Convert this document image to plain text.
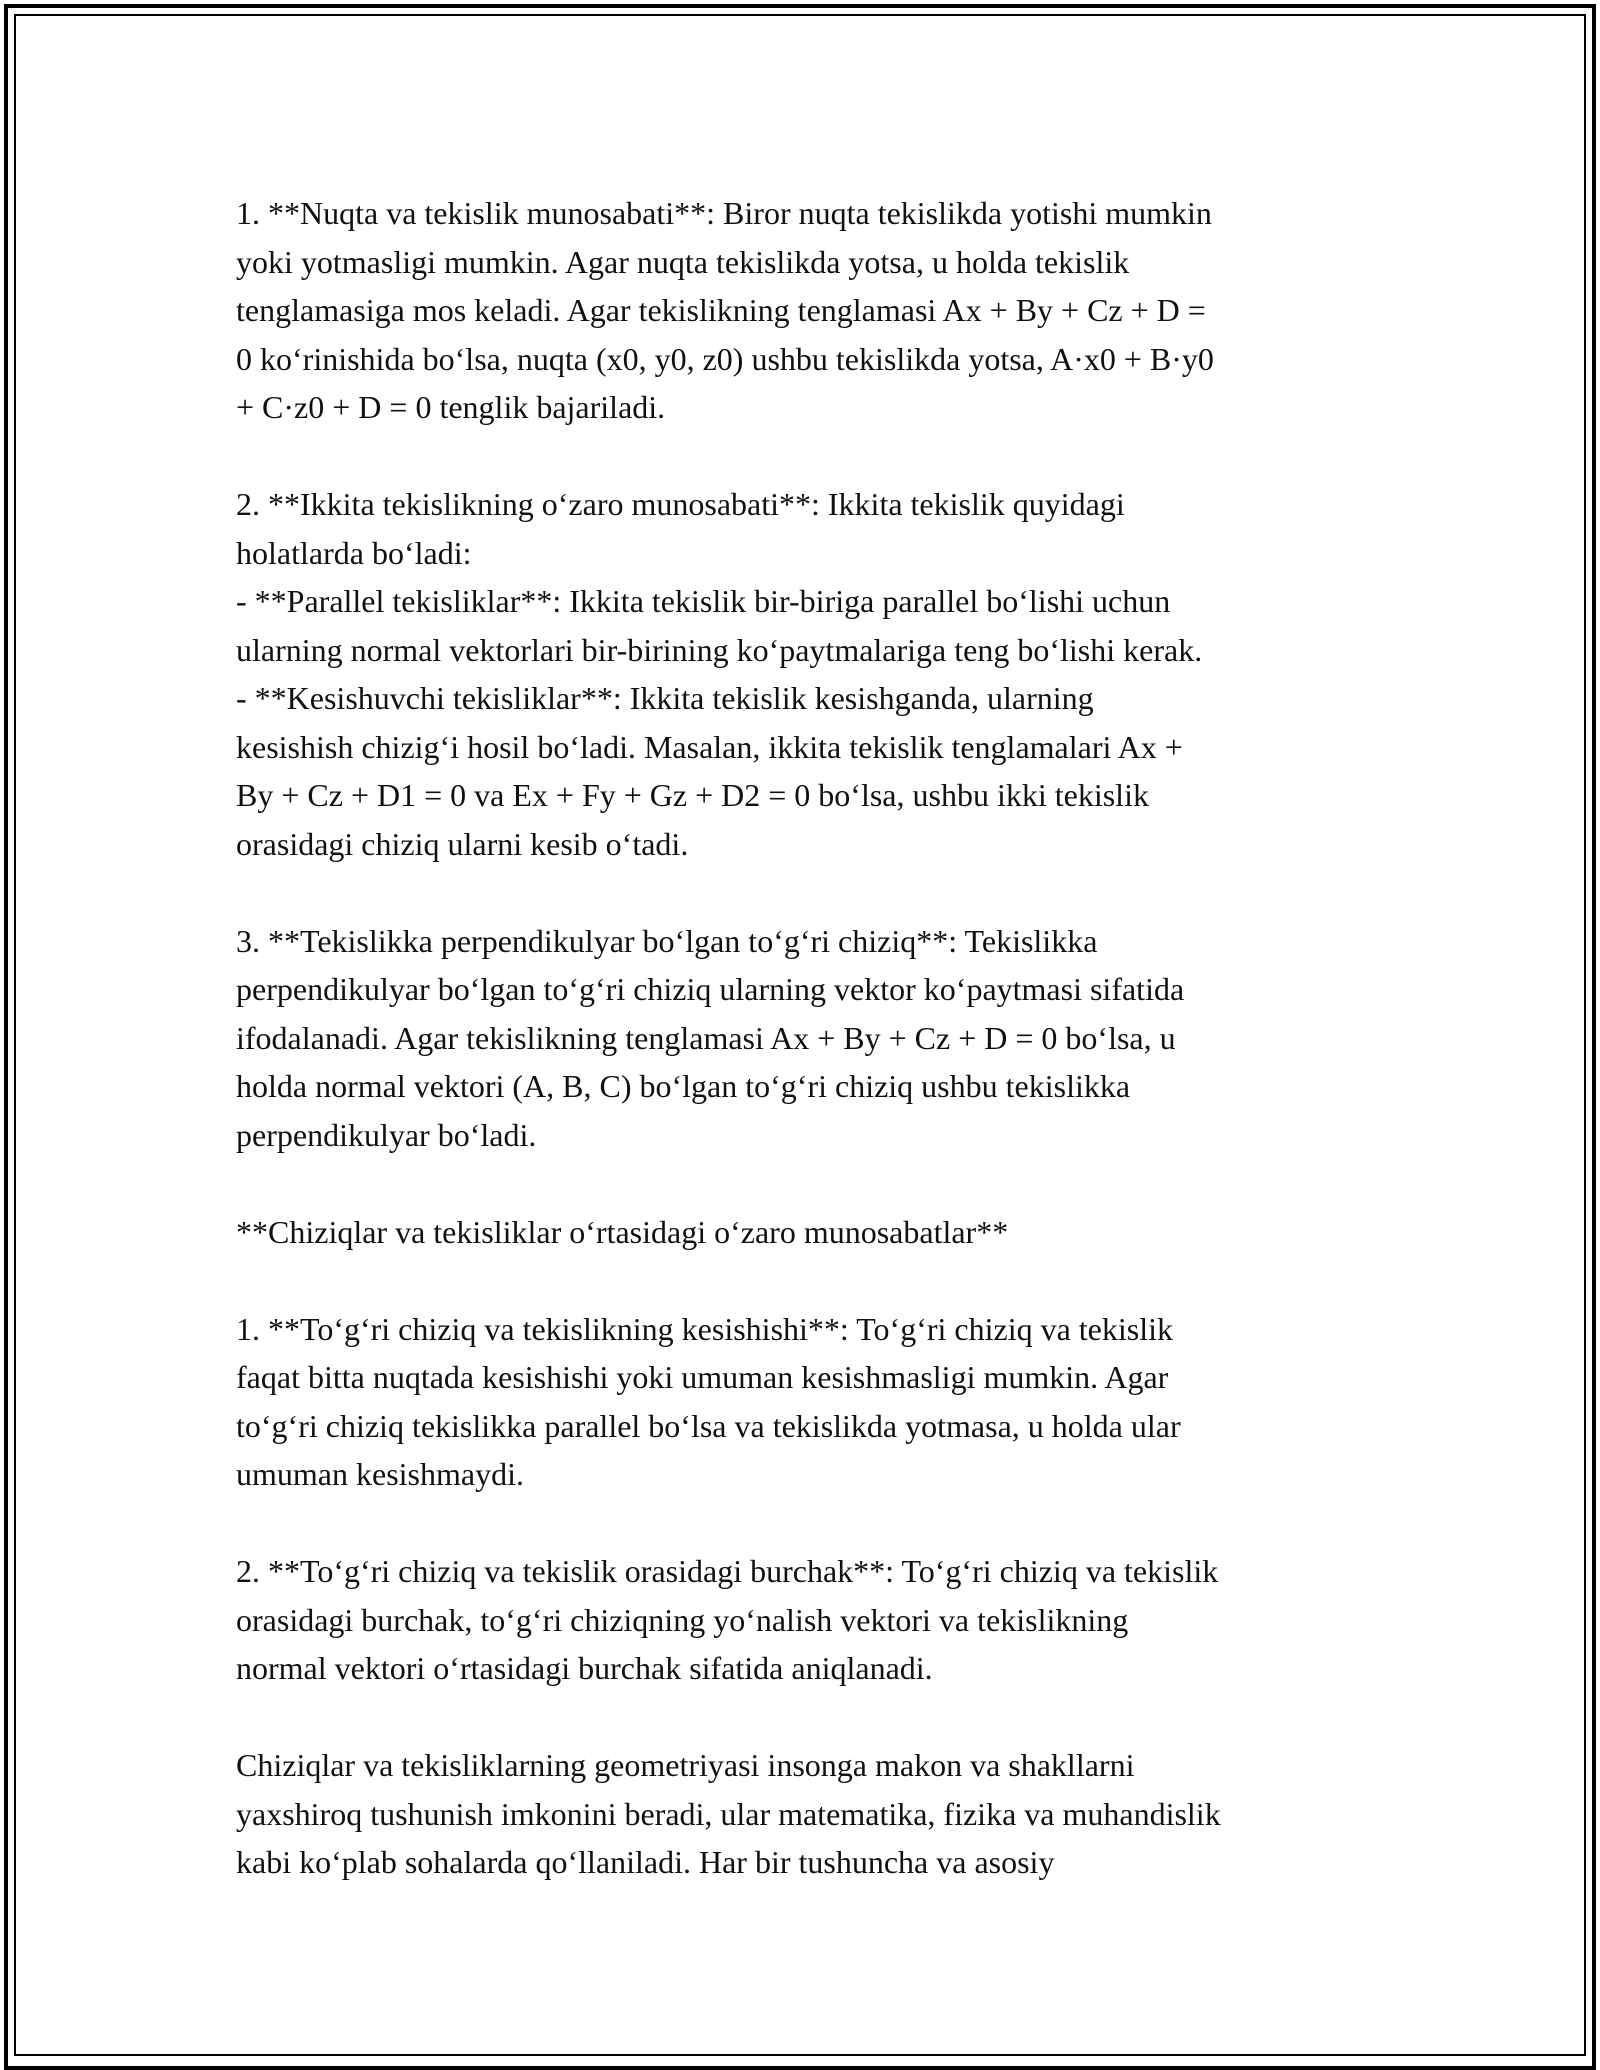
1. **Nuqta va tekislik munosabati**: Biror nuqta tekislikda yotishi mumkin
yoki yotmasligi mumkin. Agar nuqta tekislikda yotsa, u holda tekislik
tenglamasiga mos keladi. Agar tekislikning tenglamasi Ax + By + Cz + D =
0 ko‘rinishida bo‘lsa, nuqta (x0, y0, z0) ushbu tekislikda yotsa, A·x0 + B·y0
+ C·z0 + D = 0 tenglik bajariladi.

2. **Ikkita tekislikning o‘zaro munosabati**: Ikkita tekislik quyidagi
holatlarda bo‘ladi:
- **Parallel tekisliklar**: Ikkita tekislik bir-biriga parallel bo‘lishi uchun
ularning normal vektorlari bir-birining ko‘paytmalariga teng bo‘lishi kerak.
- **Kesishuvchi tekisliklar**: Ikkita tekislik kesishganda, ularning
kesishish chizig‘i hosil bo‘ladi. Masalan, ikkita tekislik tenglamalari Ax +
By + Cz + D1 = 0 va Ex + Fy + Gz + D2 = 0 bo‘lsa, ushbu ikki tekislik
orasidagi chiziq ularni kesib o‘tadi.

3. **Tekislikka perpendikulyar bo‘lgan to‘g‘ri chiziq**: Tekislikka
perpendikulyar bo‘lgan to‘g‘ri chiziq ularning vektor ko‘paytmasi sifatida
ifodalanadi. Agar tekislikning tenglamasi Ax + By + Cz + D = 0 bo‘lsa, u
holda normal vektori (A, B, C) bo‘lgan to‘g‘ri chiziq ushbu tekislikka
perpendikulyar bo‘ladi.

**Chiziqlar va tekisliklar o‘rtasidagi o‘zaro munosabatlar**

1. **To‘g‘ri chiziq va tekislikning kesishishi**: To‘g‘ri chiziq va tekislik
faqat bitta nuqtada kesishishi yoki umuman kesishmasligi mumkin. Agar
to‘g‘ri chiziq tekislikka parallel bo‘lsa va tekislikda yotmasa, u holda ular
umuman kesishmaydi.

2. **To‘g‘ri chiziq va tekislik orasidagi burchak**: To‘g‘ri chiziq va tekislik
orasidagi burchak, to‘g‘ri chiziqning yo‘nalish vektori va tekislikning
normal vektori o‘rtasidagi burchak sifatida aniqlanadi.

Chiziqlar va tekisliklarning geometriyasi insonga makon va shakllarni
yaxshiroq tushunish imkonini beradi, ular matematika, fizika va muhandislik
kabi ko‘plab sohalarda qo‘llaniladi. Har bir tushuncha va asosiy
